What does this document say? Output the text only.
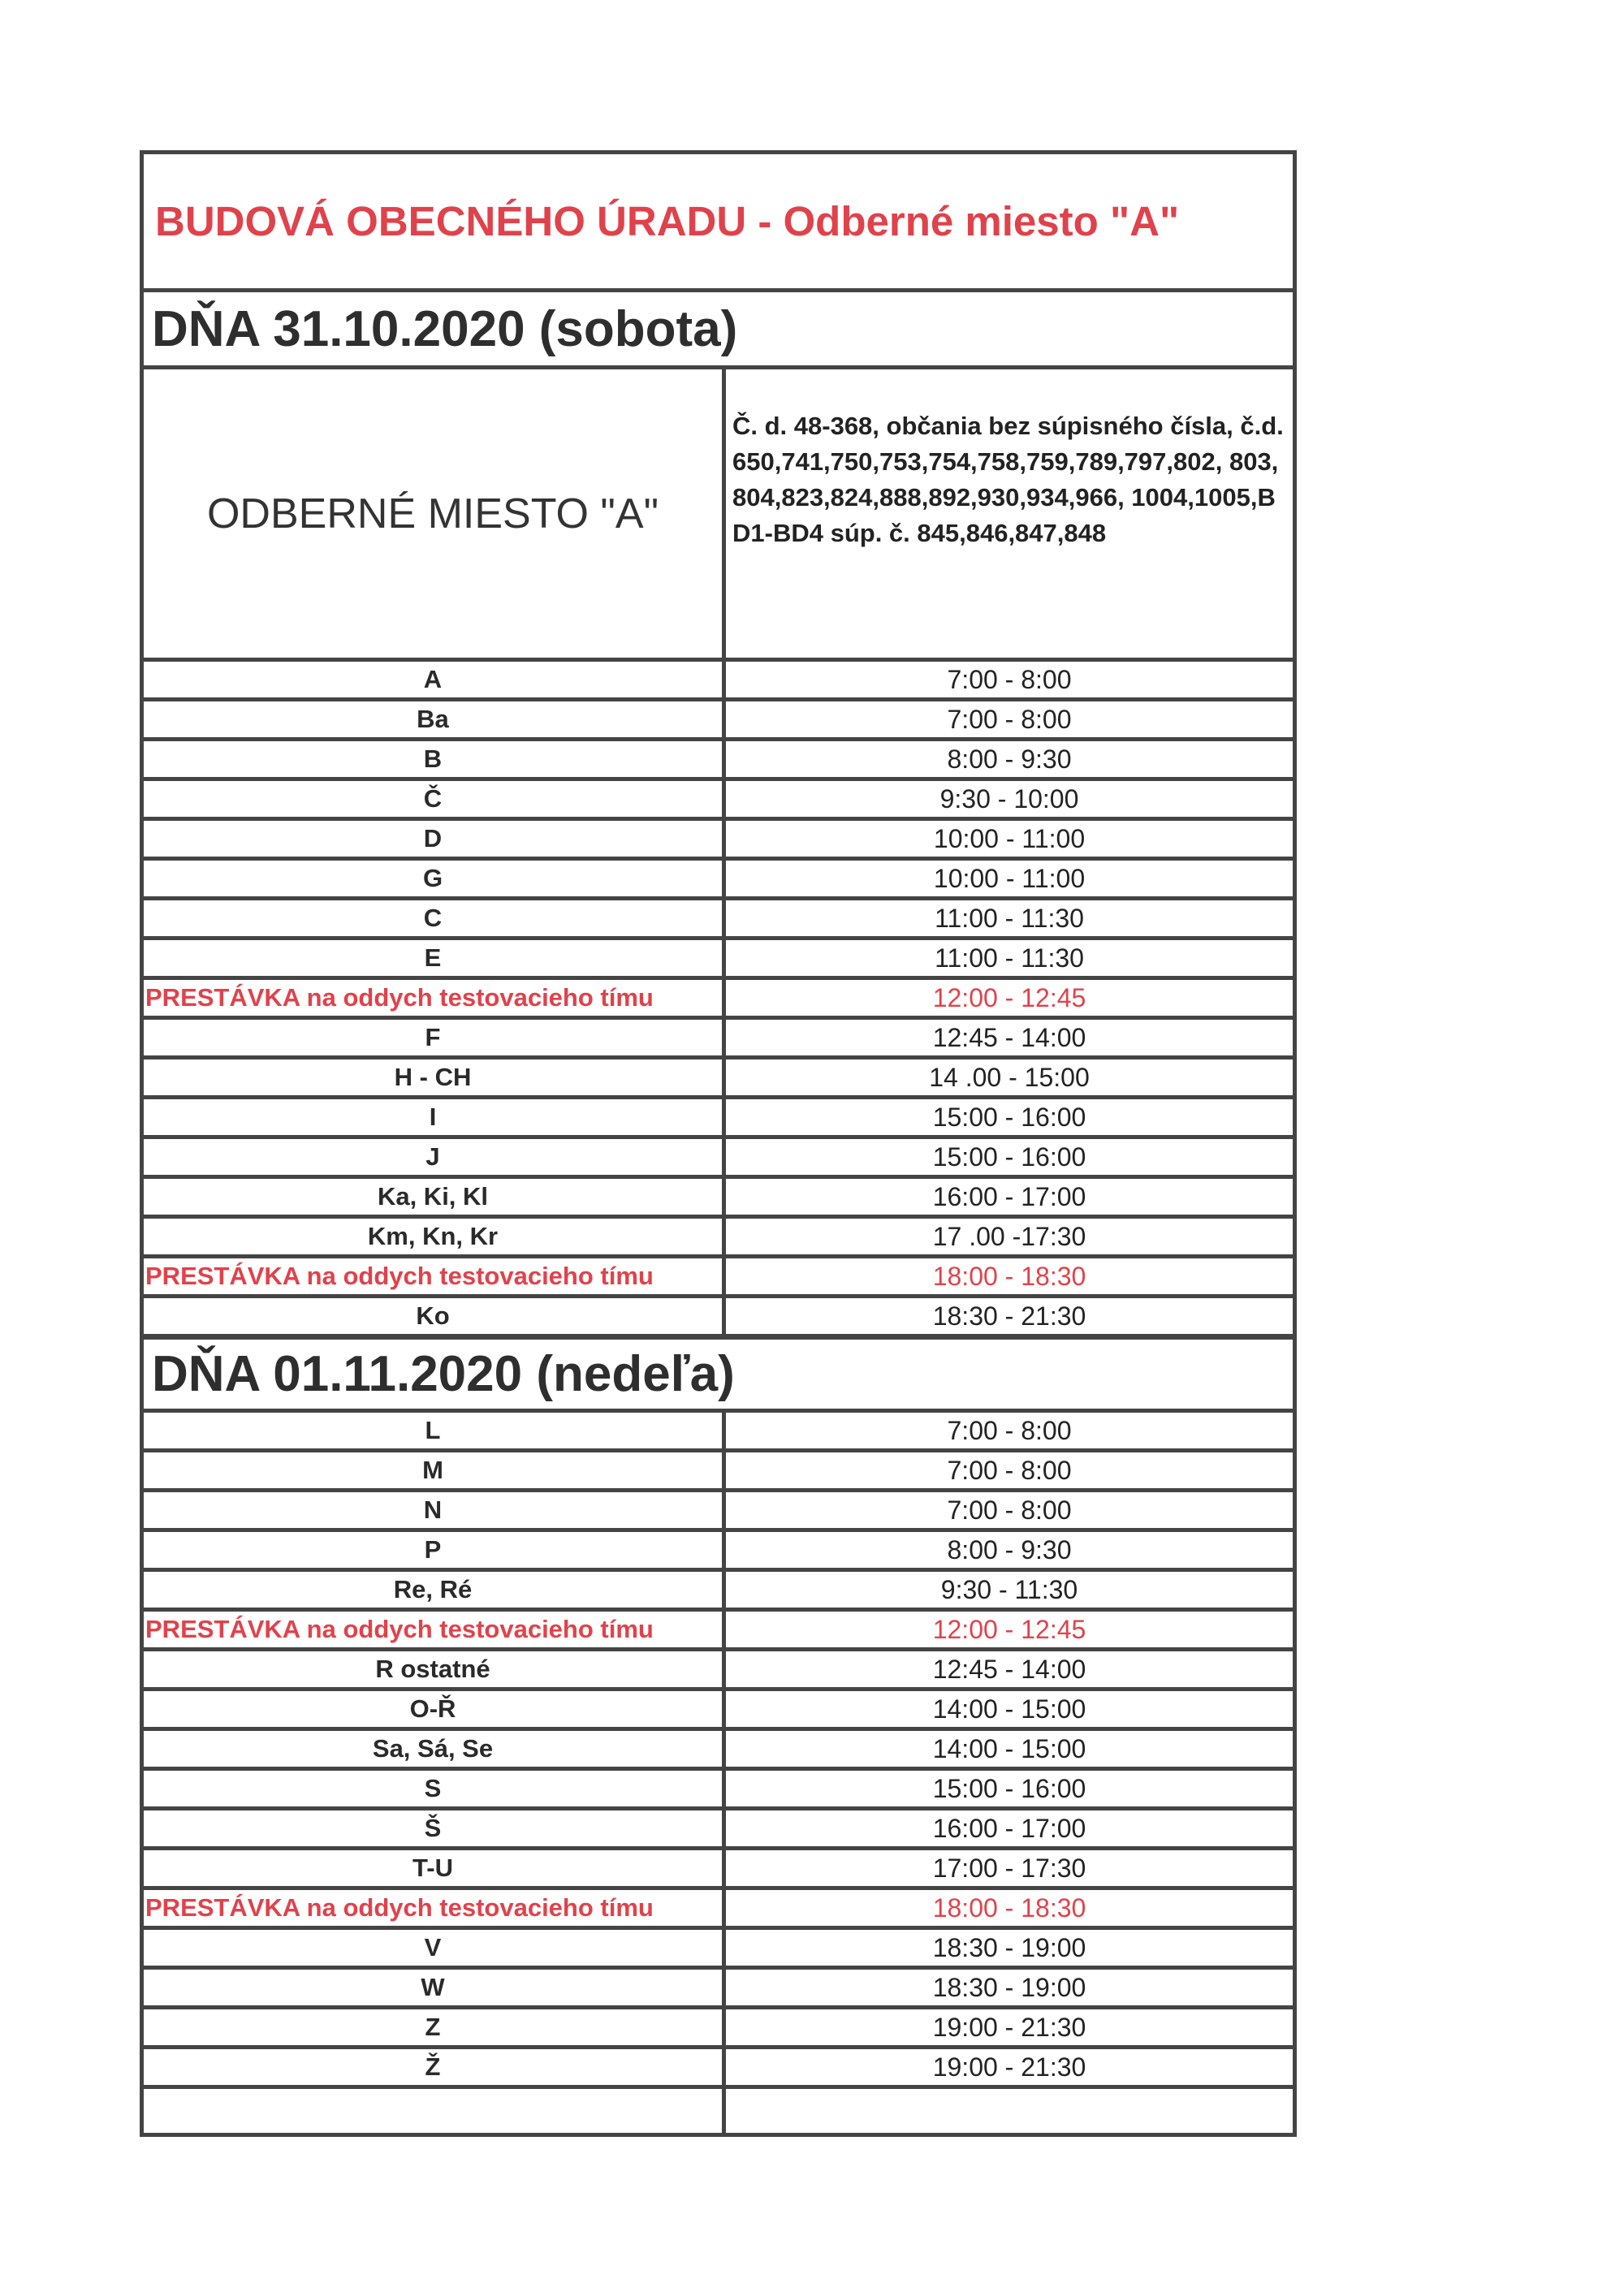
BUDOVÁ OBECNÉHO ÚRADU - Odberné miesto "A"
DŇA 31.10.2020 (sobota)
ODBERNÉ MIESTO "A"
Č. d. 48-368, občania bez súpisného čísla, č.d. 650,741,750,753,754,758,759,789,797,802, 803,804,823,824,888,892,930,934,966, 1004,1005,BD1-BD4 súp. č. 845,846,847,848
A	7:00 - 8:00
Ba	7:00 - 8:00
B	8:00 - 9:30
Č	9:30 - 10:00
D	10:00 - 11:00
G	10:00 - 11:00
C	11:00 - 11:30
E	11:00 - 11:30
PRESTÁVKA na oddych testovacieho tímu	12:00 - 12:45
F	12:45 - 14:00
H - CH	14 .00 - 15:00
I	15:00 - 16:00
J	15:00 - 16:00
Ka, Ki, Kl	16:00 - 17:00
Km, Kn, Kr	17 .00 -17:30
PRESTÁVKA na oddych testovacieho tímu	18:00 - 18:30
Ko	18:30 - 21:30
DŇA 01.11.2020 (nedeľa)
L	7:00 - 8:00
M	7:00 - 8:00
N	7:00 - 8:00
P	8:00 - 9:30
Re, Ré	9:30 - 11:30
PRESTÁVKA na oddych testovacieho tímu	12:00 - 12:45
R ostatné	12:45 - 14:00
O-Ř	14:00 - 15:00
Sa, Sá, Se	14:00 - 15:00
S	15:00 - 16:00
Š	16:00 - 17:00
T-U	17:00 - 17:30
PRESTÁVKA na oddych testovacieho tímu	18:00 - 18:30
V	18:30 - 19:00
W	18:30 - 19:00
Z	19:00 - 21:30
Ž	19:00 - 21:30
